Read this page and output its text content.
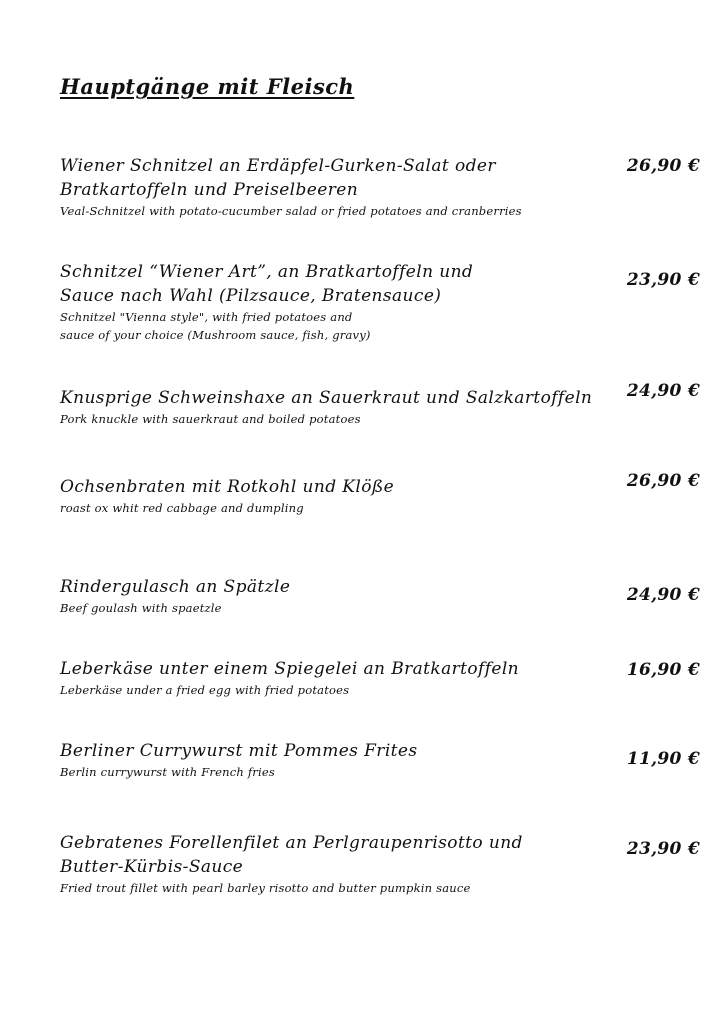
Hauptgänge mit Fleisch
Wiener Schnitzel an Erdäpfel-Gurken-Salat oder
Bratkartoffeln und Preiselbeeren
Veal-Schnitzel with potato-cucumber salad or fried potatoes and cranberries
26,90 €
Schnitzel “Wiener Art”, an Bratkartoffeln und
Sauce nach Wahl (Pilzsauce, Bratensauce)
Schnitzel "Vienna style", with fried potatoes and
sauce of your choice (Mushroom sauce, fish, gravy)
23,90 €
Knusprige Schweinshaxe an Sauerkraut und Salzkartoffeln
Pork knuckle with sauerkraut and boiled potatoes
24,90 €
Ochsenbraten mit Rotkohl und Klöße
roast ox whit red cabbage and dumpling
26,90 €
Rindergulasch an Spätzle
Beef goulash with spaetzle
24,90 €
Leberkäse unter einem Spiegelei an Bratkartoffeln
Leberkäse under a fried egg with fried potatoes
16,90 €
Berliner Currywurst mit Pommes Frites
Berlin currywurst with French fries
11,90 €
Gebratenes Forellenfilet an Perlgraupenrisotto und
Butter-Kürbis-Sauce
Fried trout fillet with pearl barley risotto and butter pumpkin sauce
23,90 €
